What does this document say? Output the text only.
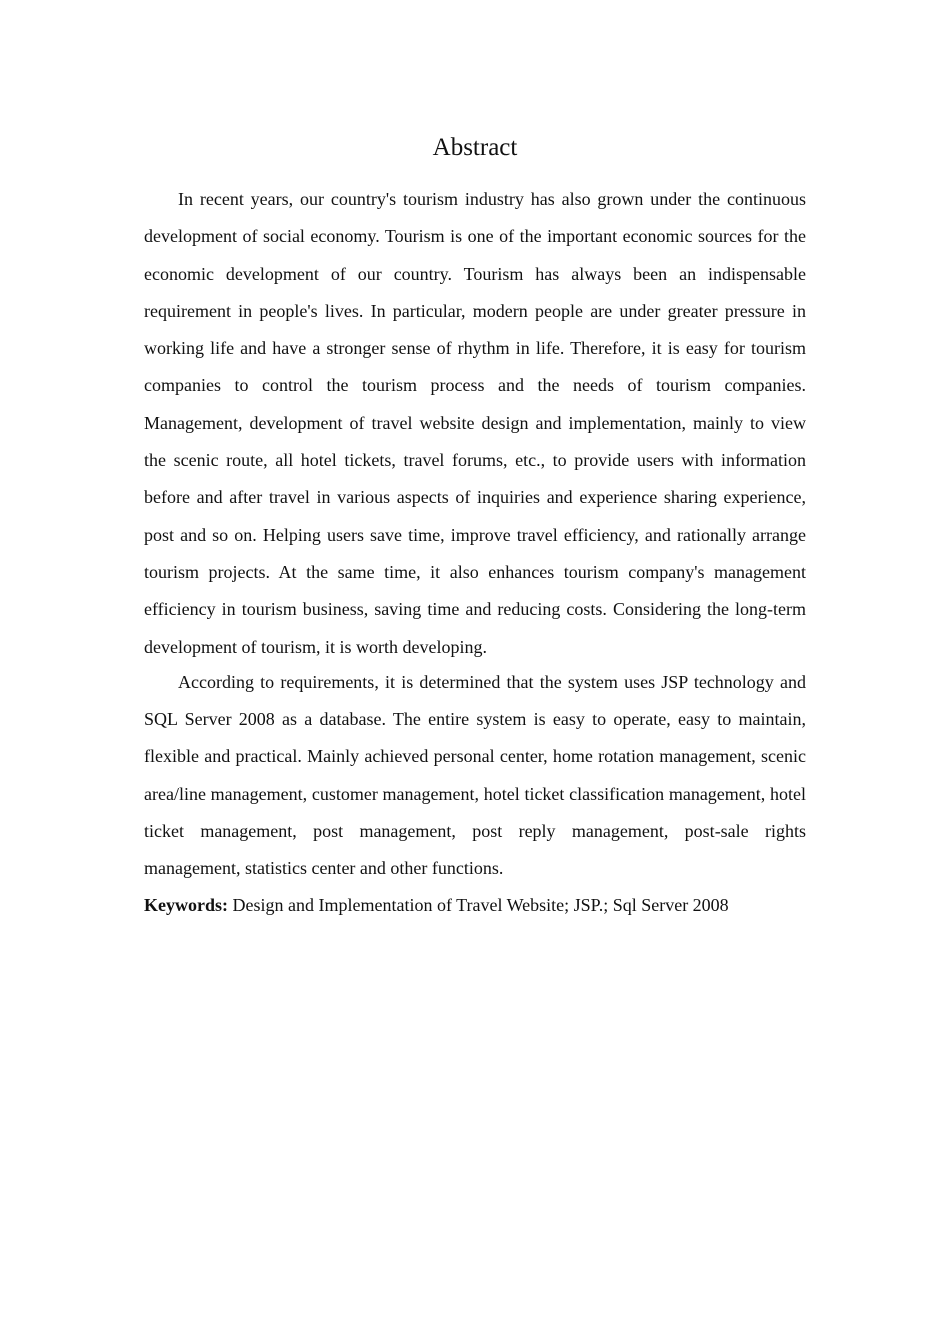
Abstract

In recent years, our country's tourism industry has also grown under the continuous development of social economy. Tourism is one of the important economic sources for the economic development of our country. Tourism has always been an indispensable requirement in people's lives. In particular, modern people are under greater pressure in working life and have a stronger sense of rhythm in life. Therefore, it is easy for tourism companies to control the tourism process and the needs of tourism companies. Management, development of travel website design and implementation, mainly to view the scenic route, all hotel tickets, travel forums, etc., to provide users with information before and after travel in various aspects of inquiries and experience sharing experience, post and so on. Helping users save time, improve travel efficiency, and rationally arrange tourism projects. At the same time, it also enhances tourism company's management efficiency in tourism business, saving time and reducing costs. Considering the long-term development of tourism, it is worth developing.

According to requirements, it is determined that the system uses JSP technology and SQL Server 2008 as a database. The entire system is easy to operate, easy to maintain, flexible and practical. Mainly achieved personal center, home rotation management, scenic area/line management, customer management, hotel ticket classification management, hotel ticket management, post management, post reply management, post-sale rights management, statistics center and other functions.

Keywords: Design and Implementation of Travel Website; JSP.; Sql Server 2008
